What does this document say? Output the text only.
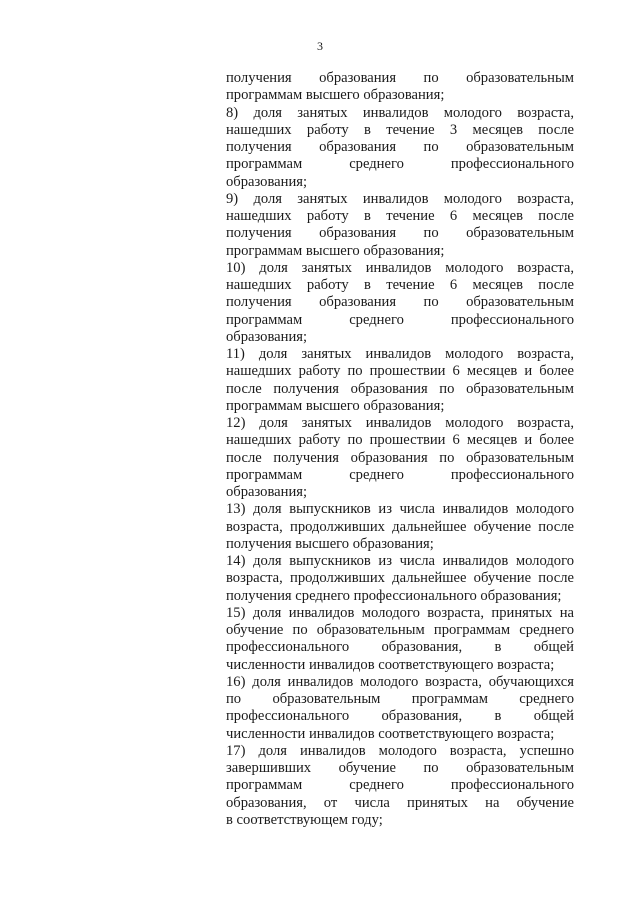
3
получения образования по образовательным
программам высшего образования;
8) доля занятых инвалидов молодого возраста,
нашедших работу в течение 3 месяцев после
получения образования по образовательным
программам среднего профессионального
образования;
9) доля занятых инвалидов молодого возраста,
нашедших работу в течение 6 месяцев после
получения образования по образовательным
программам высшего образования;
10) доля занятых инвалидов молодого возраста,
нашедших работу в течение 6 месяцев после
получения образования по образовательным
программам среднего профессионального
образования;
11) доля занятых инвалидов молодого возраста,
нашедших работу по прошествии 6 месяцев и более
после получения образования по образовательным
программам высшего образования;
12) доля занятых инвалидов молодого возраста,
нашедших работу по прошествии 6 месяцев и более
после получения образования по образовательным
программам среднего профессионального
образования;
13) доля выпускников из числа инвалидов молодого
возраста, продолживших дальнейшее обучение после
получения высшего образования;
14) доля выпускников из числа инвалидов молодого
возраста, продолживших дальнейшее обучение после
получения среднего профессионального образования;
15) доля инвалидов молодого возраста, принятых на
обучение по образовательным программам среднего
профессионального образования, в общей
численности инвалидов соответствующего возраста;
16) доля инвалидов молодого возраста, обучающихся
по образовательным программам среднего
профессионального образования, в общей
численности инвалидов соответствующего возраста;
17) доля инвалидов молодого возраста, успешно
завершивших обучение по образовательным
программам среднего профессионального
образования, от числа принятых на обучение
в соответствующем году;
